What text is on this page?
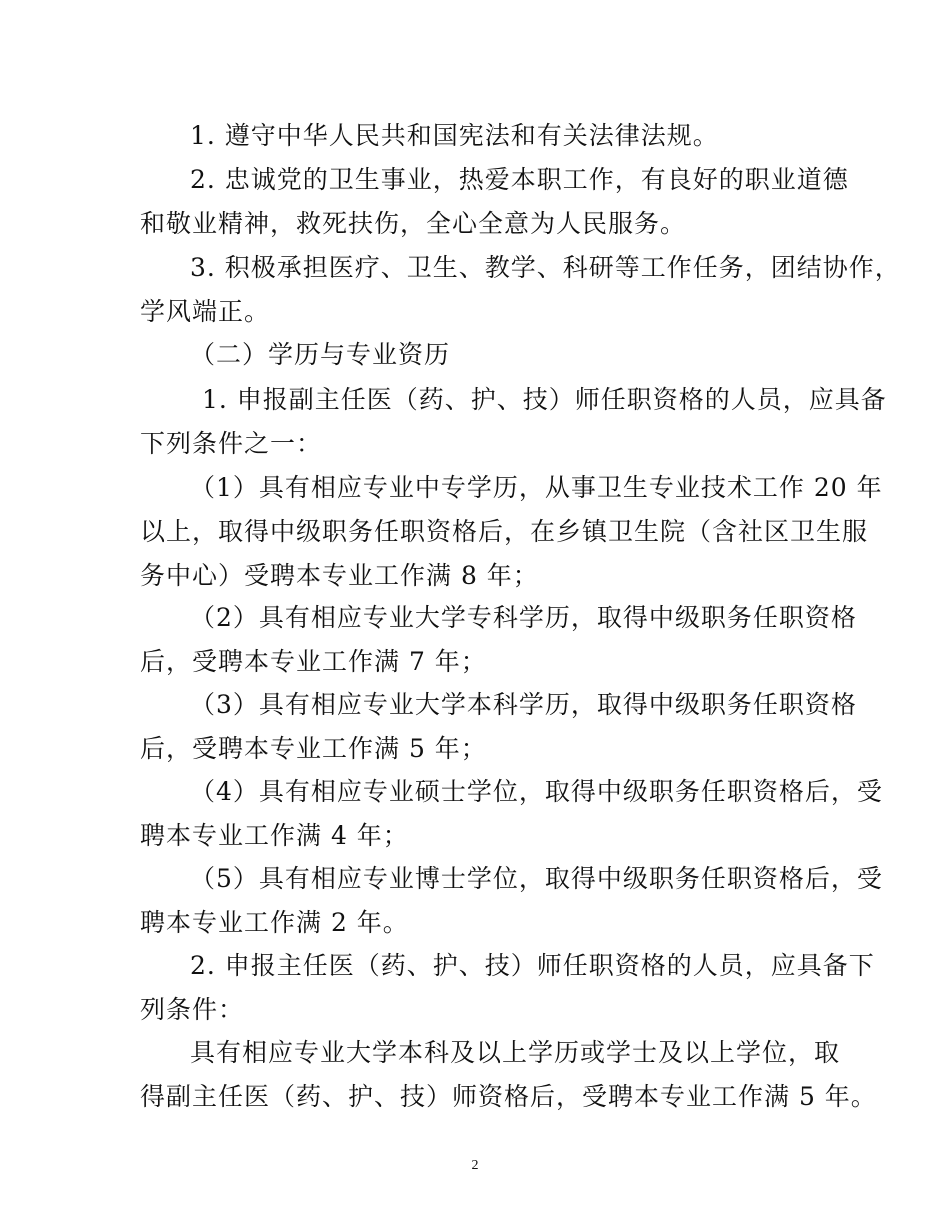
1. 遵守中华人民共和国宪法和有关法律法规。
2. 忠诚党的卫生事业，热爱本职工作，有良好的职业道德
和敬业精神，救死扶伤，全心全意为人民服务。
3. 积极承担医疗、卫生、教学、科研等工作任务，团结协作，
学风端正。
（二）学历与专业资历
1. 申报副主任医（药、护、技）师任职资格的人员，应具备
下列条件之一：
（1）具有相应专业中专学历，从事卫生专业技术工作 20 年
以上，取得中级职务任职资格后，在乡镇卫生院（含社区卫生服
务中心）受聘本专业工作满 8 年；
（2）具有相应专业大学专科学历，取得中级职务任职资格
后，受聘本专业工作满 7 年；
（3）具有相应专业大学本科学历，取得中级职务任职资格
后，受聘本专业工作满 5 年；
（4）具有相应专业硕士学位，取得中级职务任职资格后，受
聘本专业工作满 4 年；
（5）具有相应专业博士学位，取得中级职务任职资格后，受
聘本专业工作满 2 年。
2. 申报主任医（药、护、技）师任职资格的人员，应具备下
列条件：
具有相应专业大学本科及以上学历或学士及以上学位，取
得副主任医（药、护、技）师资格后，受聘本专业工作满 5 年。
2
